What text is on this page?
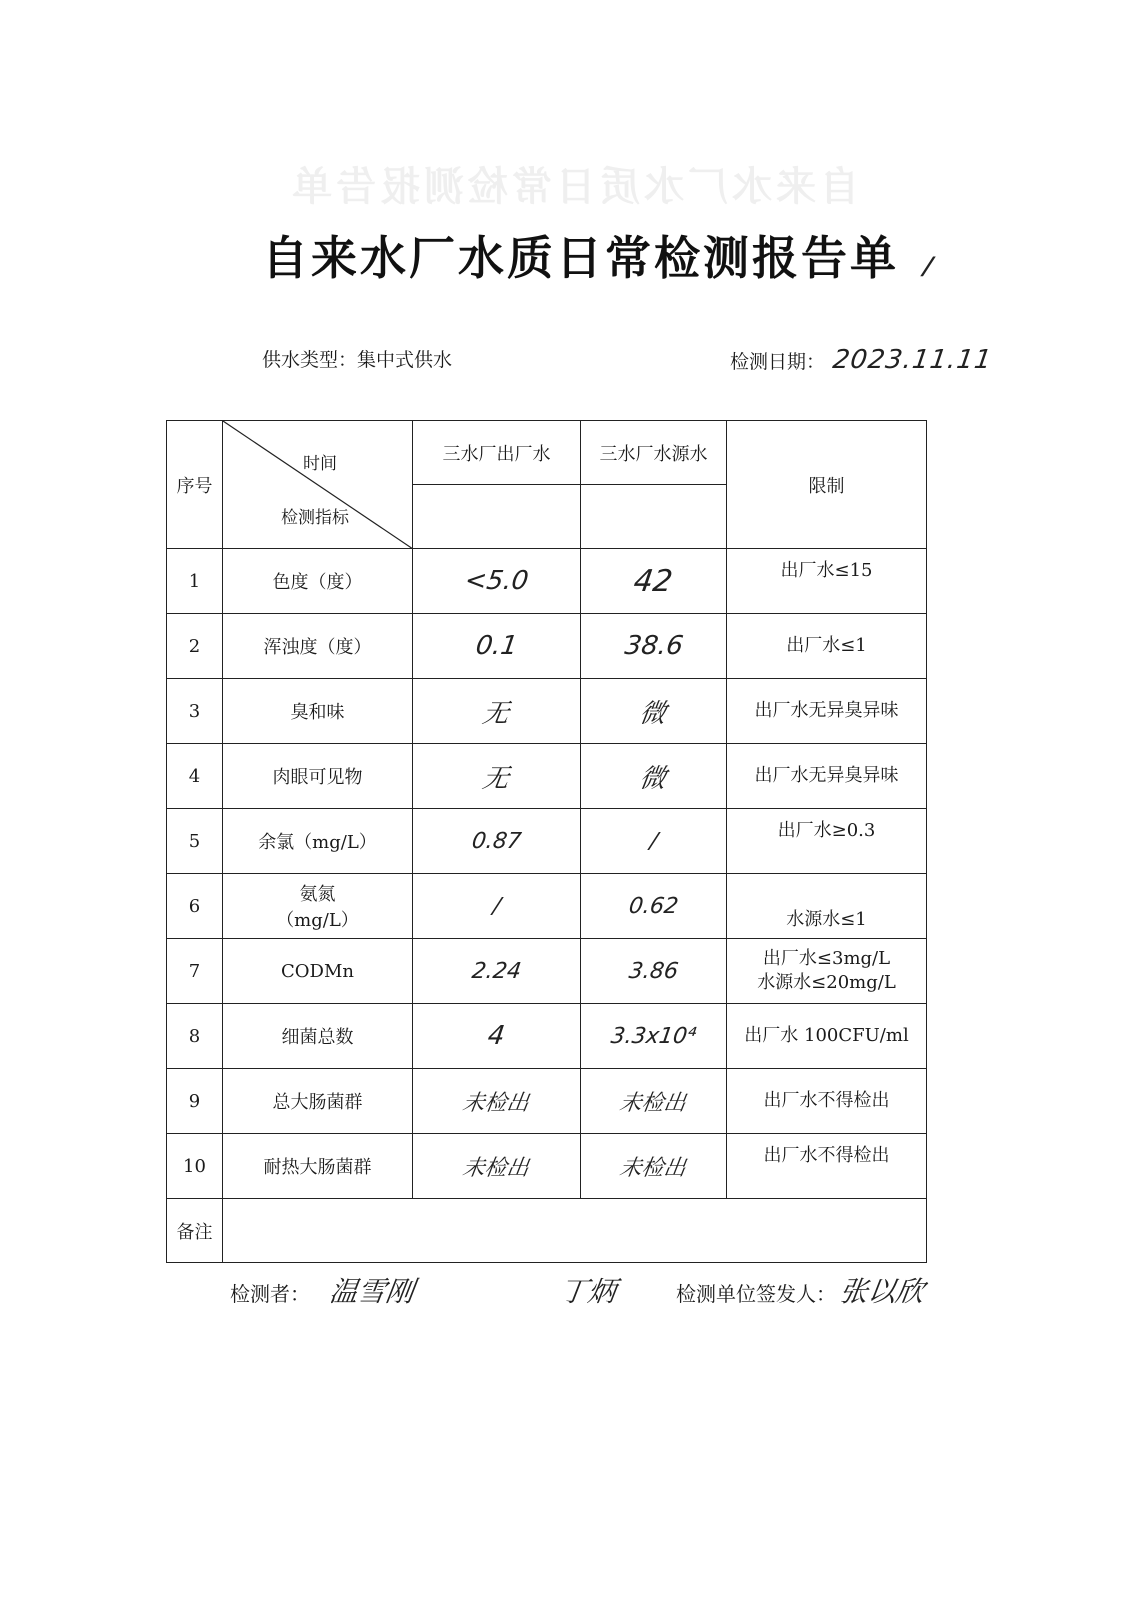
自来水厂水质日常检测报告单
自来水厂水质日常检测报告单 /
供水类型：集中式供水	检测日期： 2023.11.11
序号	时间
检测指标	三水厂出厂水	三水厂水源水	限制

1	色度（度）	<5.0	42	出厂水≤15
2	浑浊度（度）	0.1	38.6	出厂水≤1
3	臭和味	无	微	出厂水无异臭异味
4	肉眼可见物	无	微	出厂水无异臭异味
5	余氯（mg/L）	0.87	/	出厂水≥0.3
6	氨氮
（mg/L）	/	0.62	水源水≤1
7	CODMn	2.24	3.86	出厂水≤3mg/L
水源水≤20mg/L

8	细菌总数	4	3.3x10⁴	出厂水 100CFU/ml
9	总大肠菌群	未检出	未检出	出厂水不得检出
10	耐热大肠菌群	未检出	未检出	出厂水不得检出
备注				
检测者： 温雪刚	丁炳	检测单位签发人：张以欣
